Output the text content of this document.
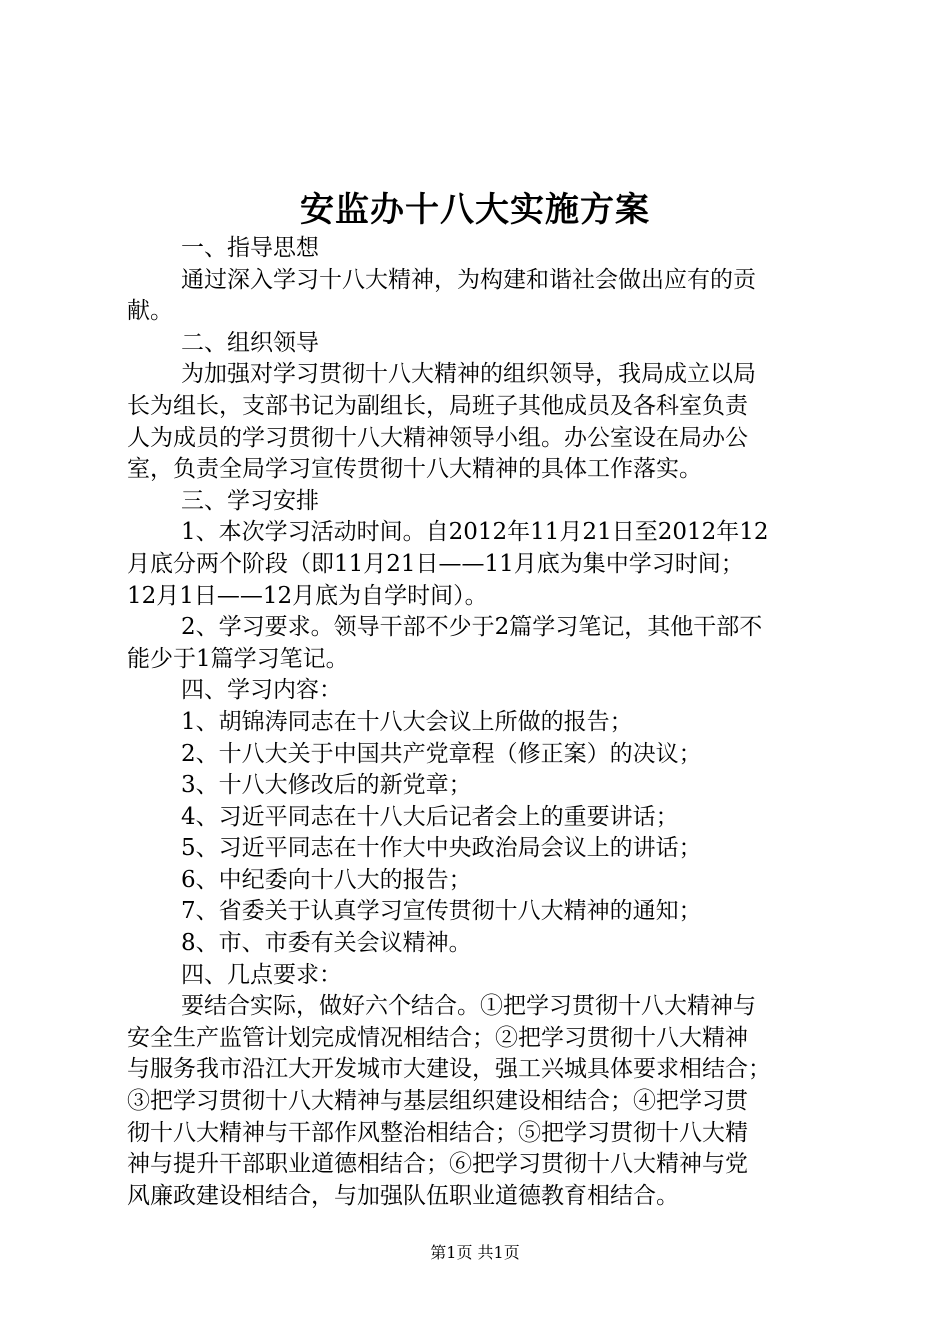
安监办十八大实施方案
一、指导思想
通过深入学习十八大精神，为构建和谐社会做出应有的贡
献。
二、组织领导
为加强对学习贯彻十八大精神的组织领导，我局成立以局
长为组长，支部书记为副组长，局班子其他成员及各科室负责
人为成员的学习贯彻十八大精神领导小组。办公室设在局办公
室，负责全局学习宣传贯彻十八大精神的具体工作落实。
三、学习安排
1、本次学习活动时间。自2012年11月21日至2012年12
月底分两个阶段（即11月21日——11月底为集中学习时间；
12月1日——12月底为自学时间）。
2、学习要求。领导干部不少于2篇学习笔记，其他干部不
能少于1篇学习笔记。
四、学习内容：
1、胡锦涛同志在十八大会议上所做的报告；
2、十八大关于中国共产党章程（修正案）的决议；
3、十八大修改后的新党章；
4、习近平同志在十八大后记者会上的重要讲话；
5、习近平同志在十作大中央政治局会议上的讲话；
6、中纪委向十八大的报告；
7、省委关于认真学习宣传贯彻十八大精神的通知；
8、市、市委有关会议精神。
四、几点要求：
要结合实际，做好六个结合。①把学习贯彻十八大精神与
安全生产监管计划完成情况相结合；②把学习贯彻十八大精神
与服务我市沿江大开发城市大建设，强工兴城具体要求相结合；
③把学习贯彻十八大精神与基层组织建设相结合；④把学习贯
彻十八大精神与干部作风整治相结合；⑤把学习贯彻十八大精
神与提升干部职业道德相结合；⑥把学习贯彻十八大精神与党
风廉政建设相结合，与加强队伍职业道德教育相结合。
第1页 共1页
